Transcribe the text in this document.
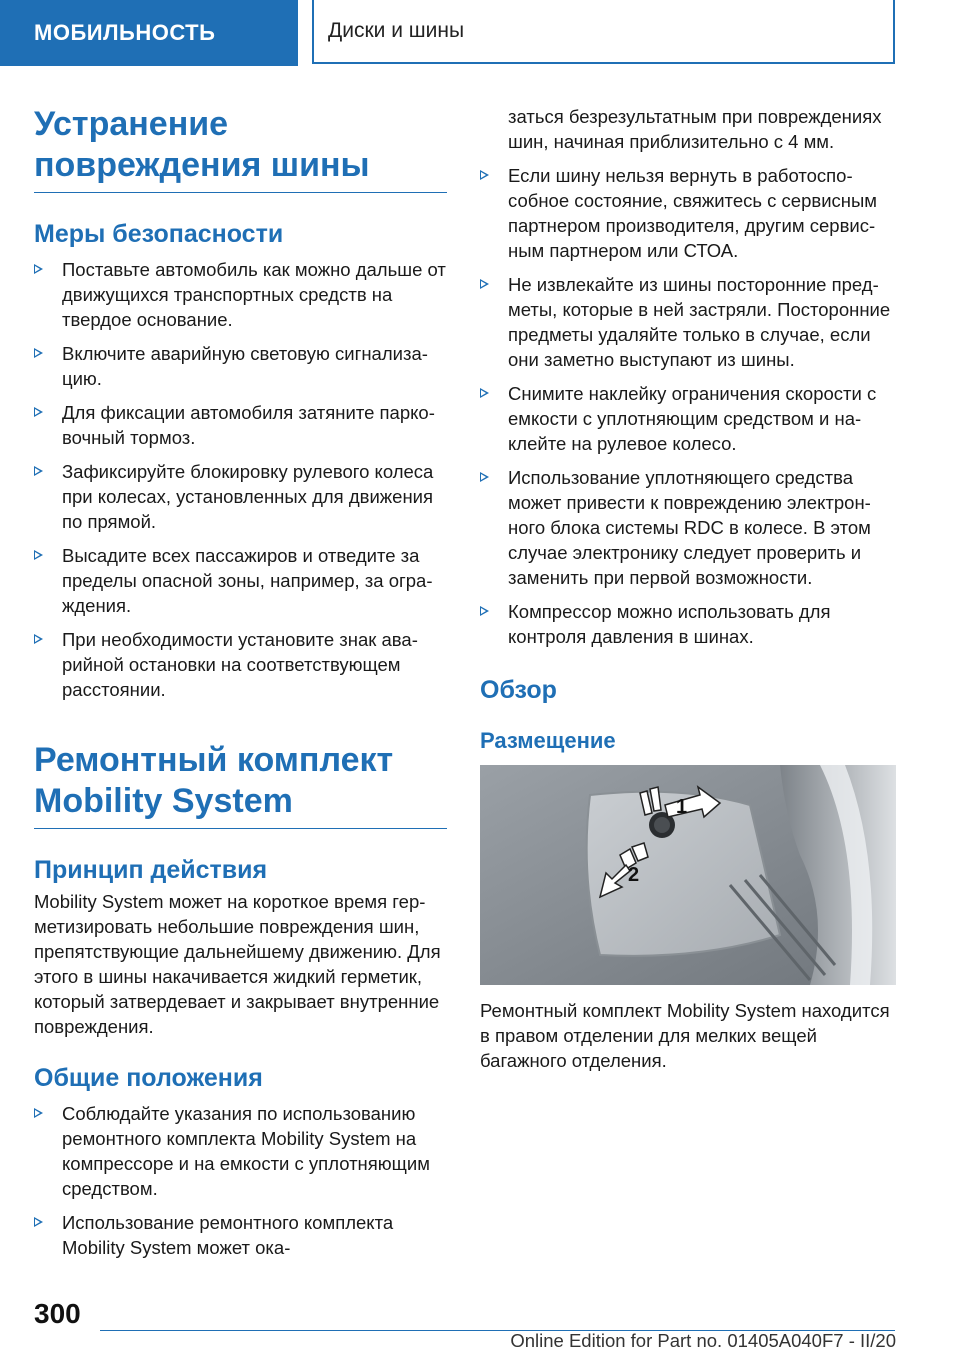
МОБИЛЬНОСТЬ	Диски и шины
Устранение повреждения шины
Меры безопасности
Поставьте автомобиль как можно дальше от движущихся транспортных средств на твердое основание.
Включите аварийную световую сигнализацию.
Для фиксации автомобиля затяните парковочный тормоз.
Зафиксируйте блокировку рулевого колеса при колесах, установленных для движения по прямой.
Высадите всех пассажиров и отведите за пределы опасной зоны, например, за ограждения.
При необходимости установите знак аварийной остановки на соответствующем расстоянии.
Ремонтный комплект Mobility System
Принцип действия

Mobility System может на короткое время герметизировать небольшие повреждения шин, препятствующие дальнейшему движению. Для этого в шины накачивается жидкий герметик, который затвердевает и закрывает внутренние повреждения.

Общие положения
Соблюдайте указания по использованию ремонтного комплекта Mobility System на компрессоре и на емкости с уплотняющим средством.
Использование ремонтного комплекта Mobility System может ока-

заться безрезультатным при повреждениях шин, начиная приблизительно с 4 мм.

Если шину нельзя вернуть в работоспособное состояние, свяжитесь с сервисным партнером производителя, другим сервисным партнером или СТОА.
Не извлекайте из шины посторонние предметы, которые в ней застряли. Посторонние предметы удаляйте только в случае, если они заметно выступают из шины.
Снимите наклейку ограничения скорости с емкости с уплотняющим средством и наклейте на рулевое колесо.
Использование уплотняющего средства может привести к повреждению электронного блока системы RDC в колесе. В этом случае электронику следует проверить и заменить при первой возможности.
Компрессор можно использовать для контроля давления в шинах.
Обзор
Размещение
1
2

Ремонтный комплект Mobility System находится в правом отделении для мелких вещей багажного отделения.

300
Online Edition for Part no. 01405A040F7 - II/20
